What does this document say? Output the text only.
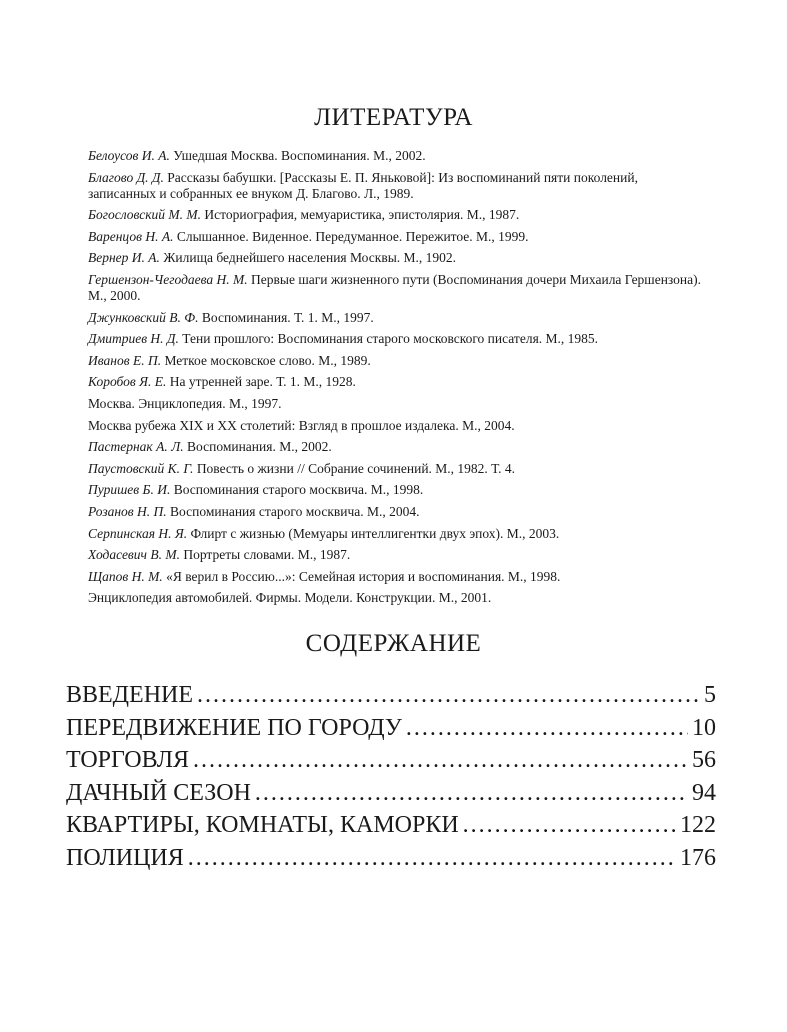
ЛИТЕРАТУРА
Белоусов И. А. Ушедшая Москва. Воспоминания. М., 2002.
Благово Д. Д. Рассказы бабушки. [Рассказы Е. П. Яньковой]: Из воспоминаний пяти поколений, записанных и собранных ее внуком Д. Благово. Л., 1989.
Богословский М. М. Историография, мемуаристика, эпистолярия. М., 1987.
Варенцов Н. А. Слышанное. Виденное. Передуманное. Пережитое. М., 1999.
Вернер И. А. Жилища беднейшего населения Москвы. М., 1902.
Гершензон-Чегодаева Н. М. Первые шаги жизненного пути (Воспоминания дочери Михаила Гершензона). М., 2000.
Джунковский В. Ф. Воспоминания. Т. 1. М., 1997.
Дмитриев Н. Д. Тени прошлого: Воспоминания старого московского писателя. М., 1985.
Иванов Е. П. Меткое московское слово. М., 1989.
Коробов Я. Е. На утренней заре. Т. 1. М., 1928.
Москва. Энциклопедия. М., 1997.
Москва рубежа XIX и XX столетий: Взгляд в прошлое издалека. М., 2004.
Пастернак А. Л. Воспоминания. М., 2002.
Паустовский К. Г. Повесть о жизни // Собрание сочинений. М., 1982. Т. 4.
Пуришев Б. И. Воспоминания старого москвича. М., 1998.
Розанов Н. П. Воспоминания старого москвича. М., 2004.
Серпинская Н. Я. Флирт с жизнью (Мемуары интеллигентки двух эпох). М., 2003.
Ходасевич В. М. Портреты словами. М., 1987.
Щапов Н. М. «Я верил в Россию...»: Семейная история и воспоминания. М., 1998.
Энциклопедия автомобилей. Фирмы. Модели. Конструкции. М., 2001.
СОДЕРЖАНИЕ
ВВЕДЕНИЕ . . .	5
ПЕРЕДВИЖЕНИЕ ПО ГОРОДУ . . .	10
ТОРГОВЛЯ . . .	56
ДАЧНЫЙ СЕЗОН . . .	94
КВАРТИРЫ, КОМНАТЫ, КАМОРКИ . . .	122
ПОЛИЦИЯ . . .	176
